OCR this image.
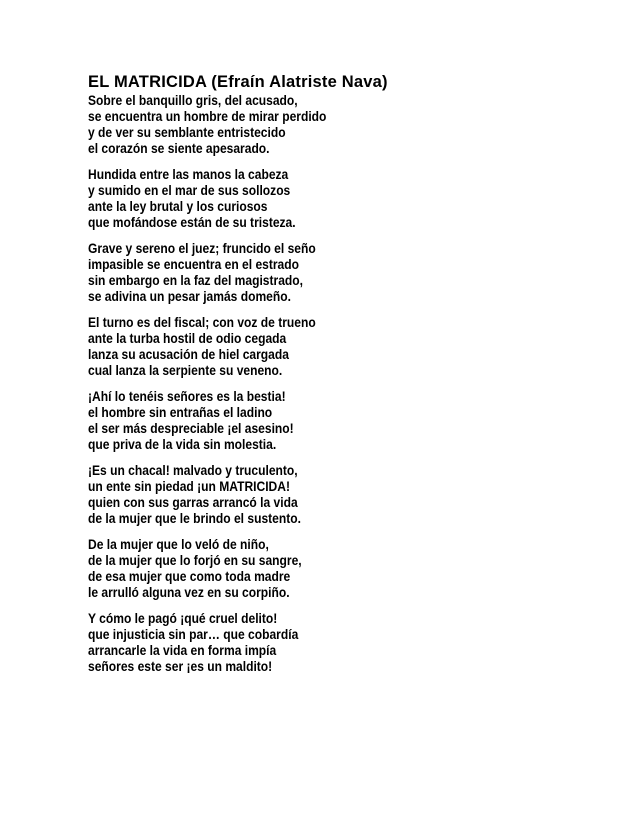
EL MATRICIDA (Efraín Alatriste Nava)
Sobre el banquillo gris, del acusado,
se encuentra un hombre de mirar perdido
y de ver su semblante entristecido
el corazón se siente apesarado.
Hundida entre las manos la cabeza
y sumido en el mar de sus sollozos
ante la ley brutal y los curiosos
que mofándose están de su tristeza.
Grave y sereno el juez; fruncido el seño
impasible se encuentra en el estrado
sin embargo en la faz del magistrado,
se adivina un pesar jamás domeño.
El turno es del fiscal; con voz de trueno
ante la turba hostil de odio cegada
lanza su acusación de hiel cargada
cual lanza la serpiente su veneno.
¡Ahí lo tenéis señores es la bestia!
el hombre sin entrañas el ladino
el ser más despreciable ¡el asesino!
que priva de la vida sin molestia.
¡Es un chacal! malvado y truculento,
un ente sin piedad ¡un MATRICIDA!
quien con sus garras arrancó la vida
de la mujer que le brindo el sustento.
De la mujer que lo veló de niño,
de la mujer que lo forjó en su sangre,
de esa mujer que como toda madre
le arrulló alguna vez en su corpiño.
Y cómo le pagó ¡qué cruel delito!
que injusticia sin par… que cobardía
arrancarle la vida en forma impía
señores este ser ¡es un maldito!
